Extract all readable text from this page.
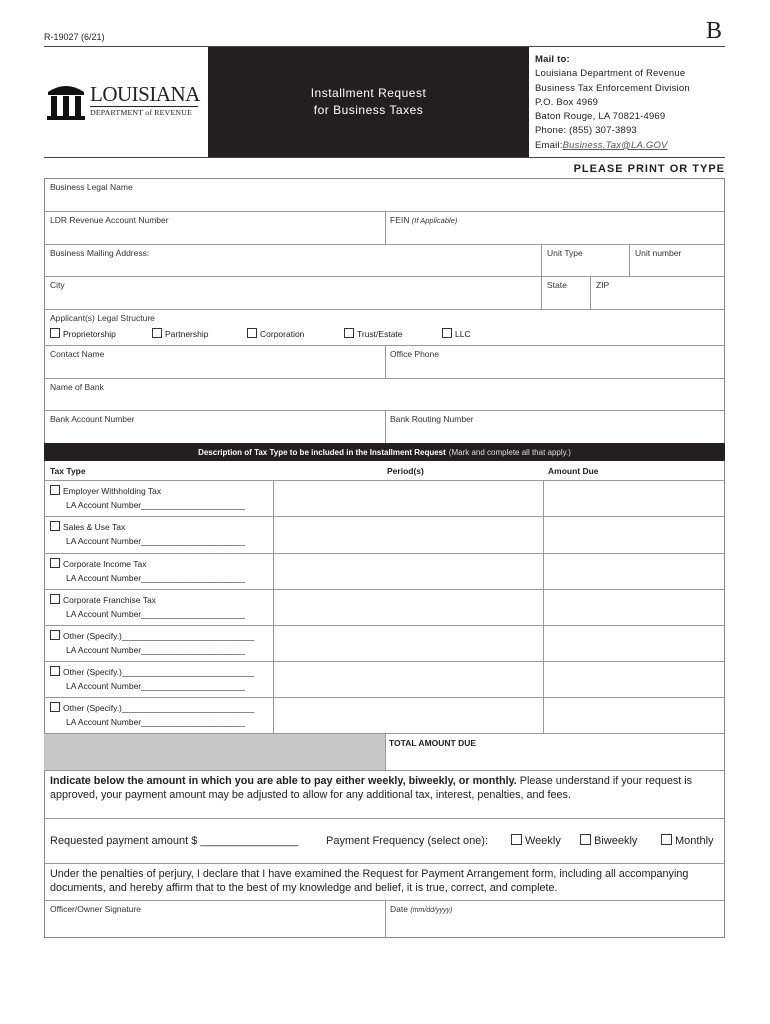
R-19027 (6/21)	B
LOUISIANA
DEPARTMENT of REVENUE
Installment Request
for Business Taxes
Mail to:
Louisiana Department of Revenue
Business Tax Enforcement Division
P.O. Box 4969
Baton Rouge, LA 70821-4969
Phone: (855) 307-3893
Email:Business.Tax@LA.GOV
PLEASE PRINT OR TYPE
Business Legal Name
LDR Revenue Account Number	FEIN (If Applicable)
Business Mailing Address:	Unit Type	Unit number
City	State	ZIP
Applicant(s) Legal Structure
Proprietorship	Partnership	Corporation	Trust/Estate	LLC
Contact Name	Office Phone
Name of Bank
Bank Account Number	Bank Routing Number
Description of Tax Type to be included in the Installment Request (Mark and complete all that apply.)
Tax Type	Period(s)	Amount Due
Employer Withholding Tax
LA Account Number______________________
Sales & Use Tax
LA Account Number______________________
Corporate Income Tax
LA Account Number______________________
Corporate Franchise Tax
LA Account Number______________________
Other (Specify.)____________________________
LA Account Number______________________
Other (Specify.)____________________________
LA Account Number______________________
Other (Specify.)____________________________
LA Account Number______________________
TOTAL AMOUNT DUE
Indicate below the amount in which you are able to pay either weekly, biweekly, or monthly. Please understand if your request is approved, your payment amount may be adjusted to allow for any additional tax, interest, penalties, and fees.
Requested payment amount $ ________________	Payment Frequency (select one):	Weekly	Biweekly	Monthly
Under the penalties of perjury, I declare that I have examined the Request for Payment Arrangement form, including all accompanying documents, and hereby affirm that to the best of my knowledge and belief, it is true, correct, and complete.
Officer/Owner Signature	Date (mm/dd/yyyy)
